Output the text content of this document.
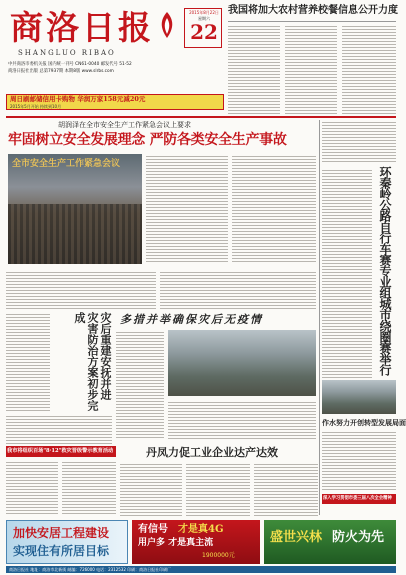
商洛日报
SHANGLUO RIBAO
2015年8月22日
星期六
22
中共商洛市委机关报 国内统一刊号 CN61-0040 邮发代号 51-52
商洛日报社出版 总第7937期 本期8版 www.slrbs.com
周日刷邮储信用卡购物 华润万家158元减20元
2015年5月开始 持续到10月
我国将加大农村营养校餐信息公开力度
胡润泽在全市安全生产工作紧急会议上要求
牢固树立安全发展理念 严防各类安全生产事故
全市安全生产工作紧急会议
环秦岭公路自行车赛专业组城市绕圈赛举行
灾后重建安抚并进 灾害防治方案初步完成	多措并举确保灾后无疫情
作水努力开创转型发展局面
深入学习贯彻市委三届八次全会精神
我市将组织百场"8·12"救灾晋级警示教育活动	丹凤力促工业企业达产达效
加快安居工程建设
实现住有所居目标
有信号 才是真4G
用户多 才是真主流
1900000元
盛世兴林 防火为先
商洛日报社 地址：商洛市北新街 邮编：726000 电话：2312532 印刷：商洛日报社印刷厂
